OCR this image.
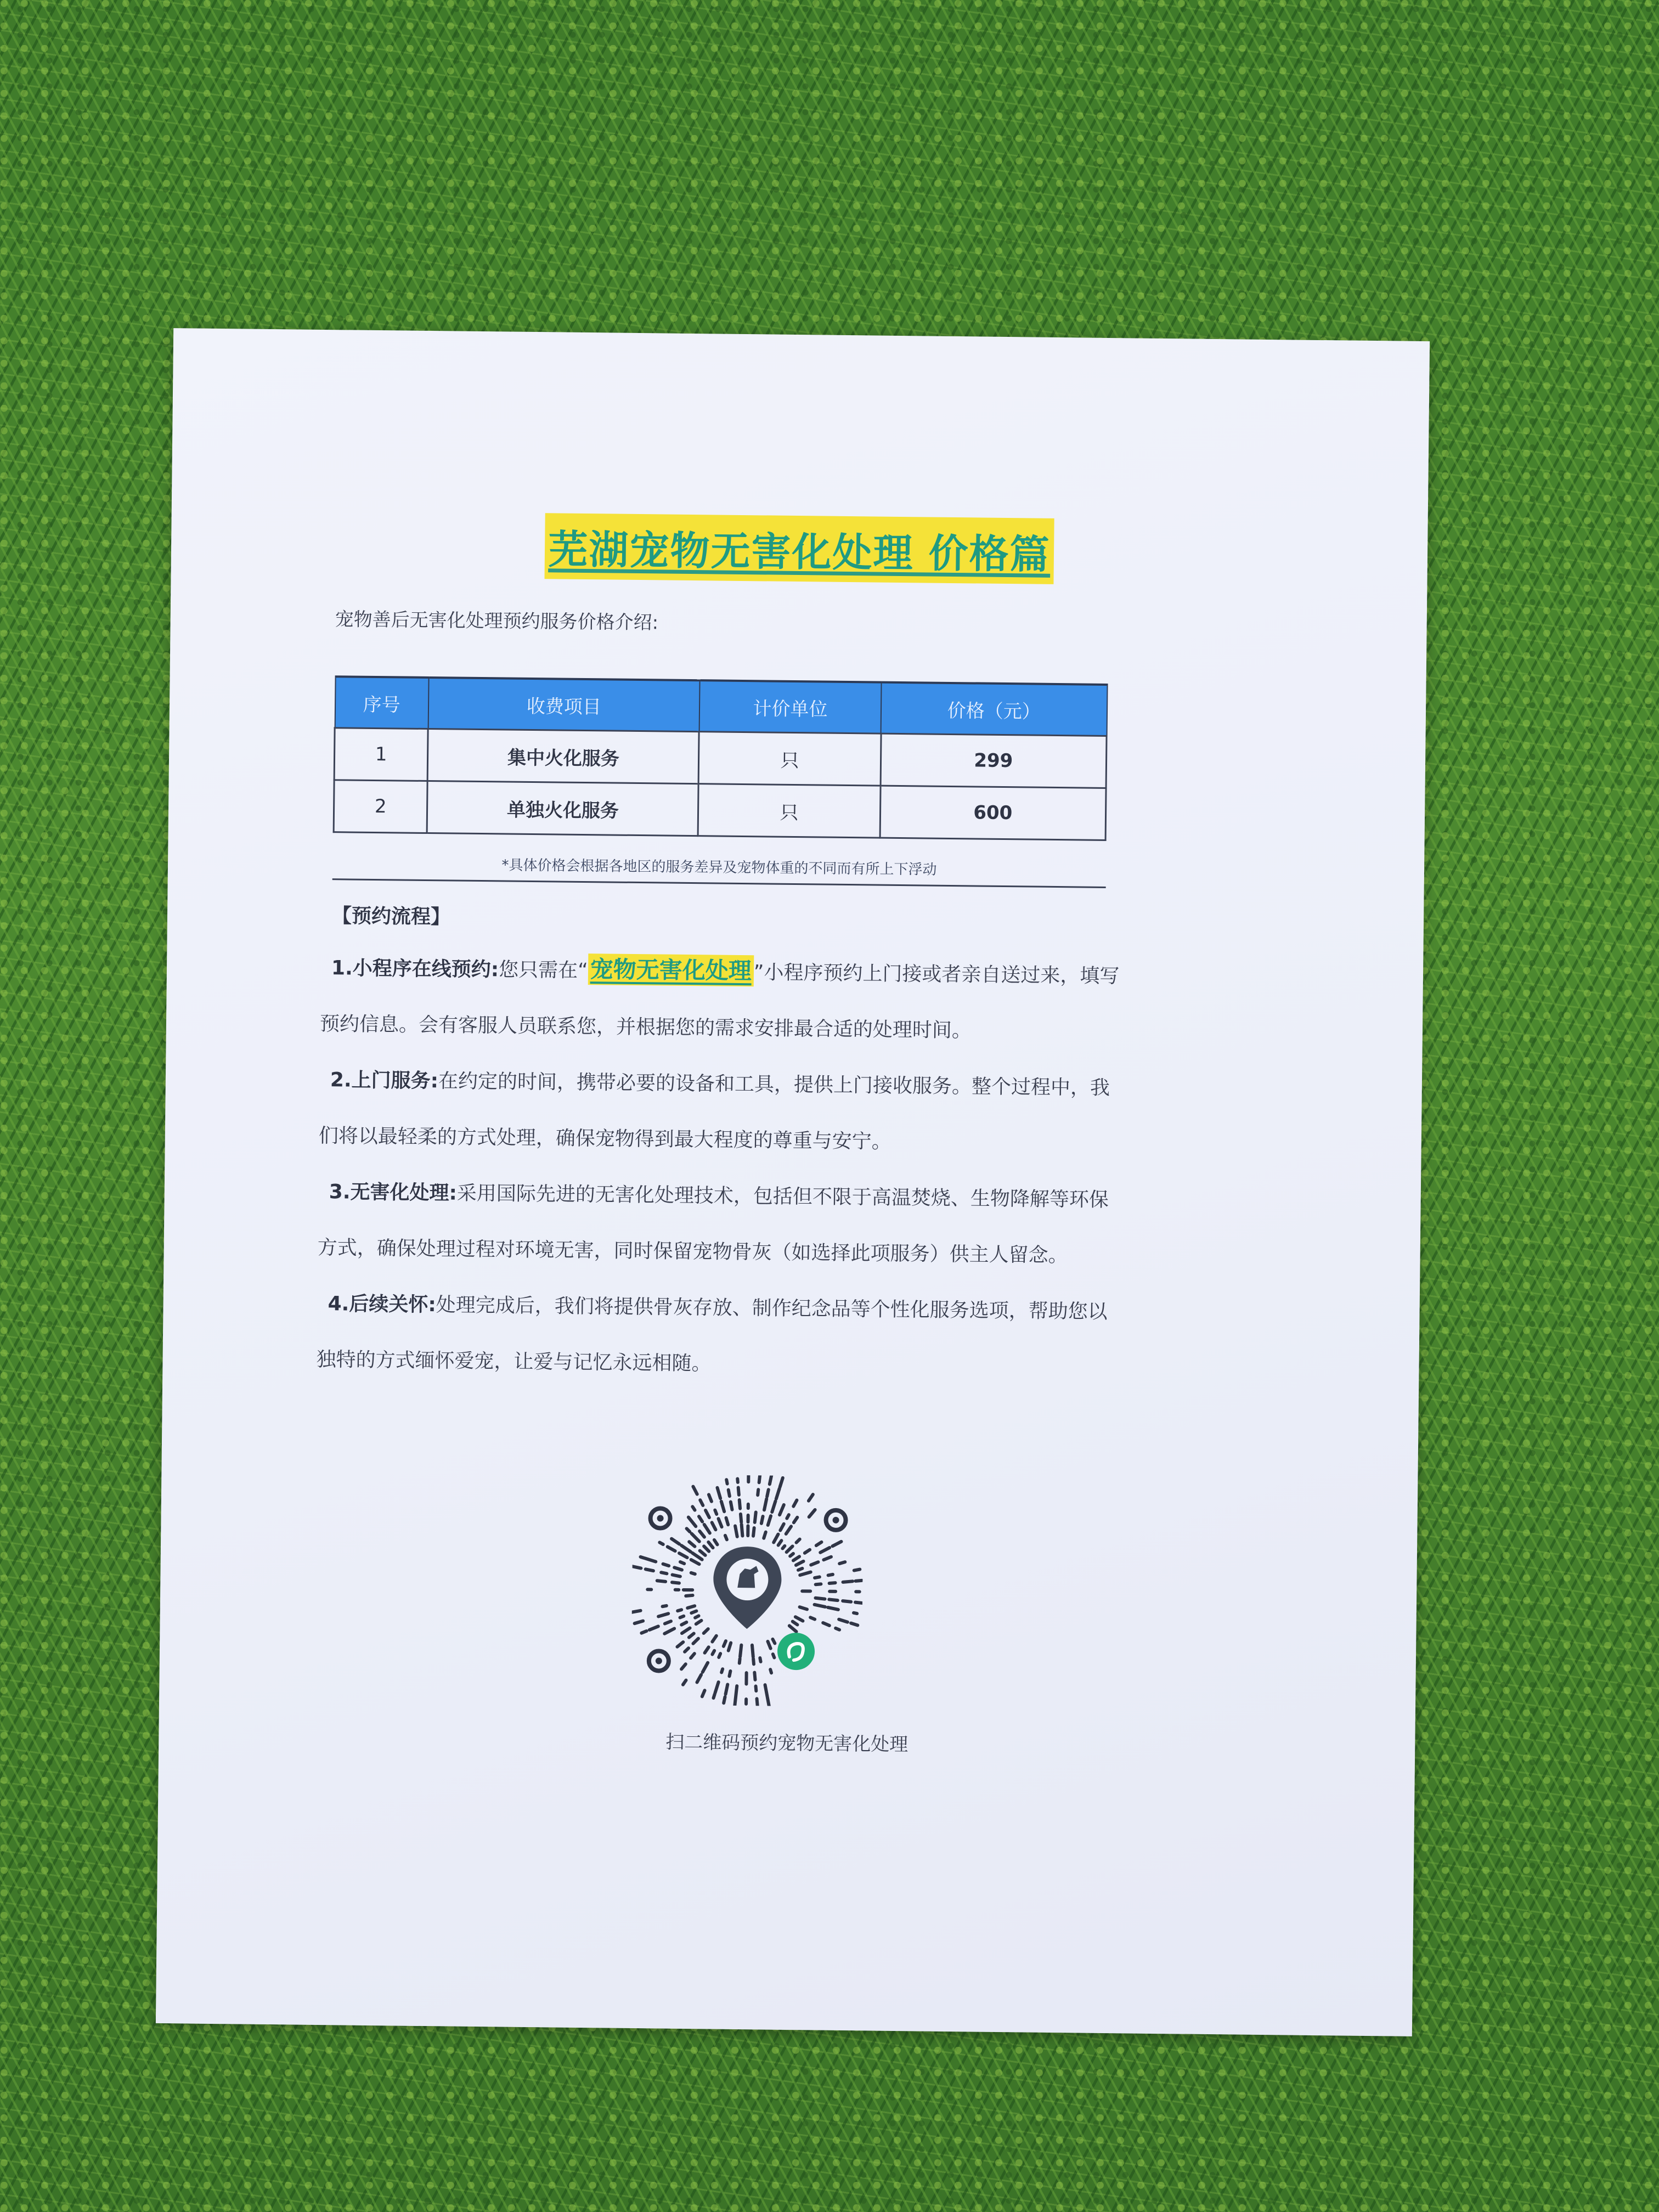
芜湖宠物无害化处理 价格篇
宠物善后无害化处理预约服务价格介绍:
序号	收费项目	计价单位	价格（元）
1	集中火化服务	只	299
2	单独火化服务	只	600
*具体价格会根据各地区的服务差异及宠物体重的不同而有所上下浮动
【预约流程】

1.小程序在线预约:您只需在“宠物无害化处理”小程序预约上门接或者亲自送过来，填写预约信息。会有客服人员联系您，并根据您的需求安排最合适的处理时间。

2.上门服务:在约定的时间，携带必要的设备和工具，提供上门接收服务。整个过程中，我们将以最轻柔的方式处理，确保宠物得到最大程度的尊重与安宁。

3.无害化处理:采用国际先进的无害化处理技术，包括但不限于高温焚烧、生物降解等环保方式，确保处理过程对环境无害，同时保留宠物骨灰（如选择此项服务）供主人留念。

4.后续关怀:处理完成后，我们将提供骨灰存放、制作纪念品等个性化服务选项，帮助您以独特的方式缅怀爱宠，让爱与记忆永远相随。

扫二维码预约宠物无害化处理
